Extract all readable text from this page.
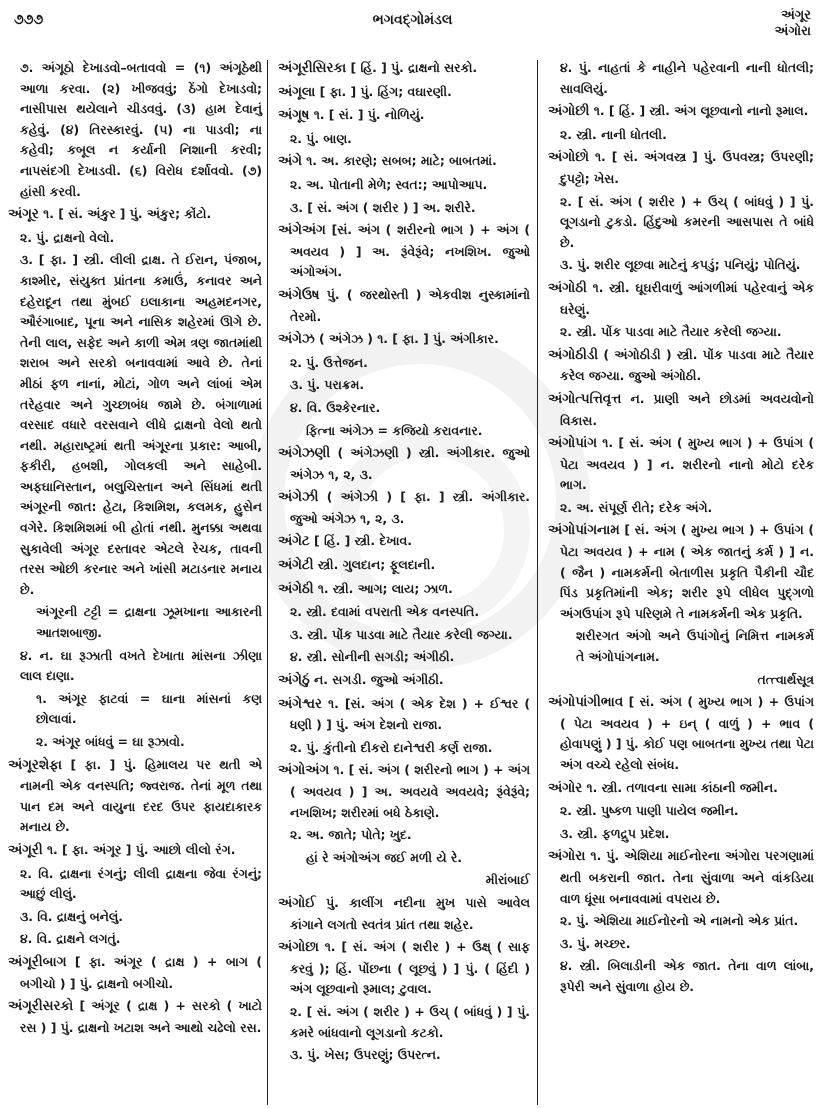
૭૭૭	ભગવદ્ગોમંડલ	અંગૂર
અંગોરા
૭. અંગૂઠો દેખાડવો–બતાવવો = (૧) અંગૂઠેથી આળા કરવા. (૨) ખીજવવું; ઠેંગો દેખાડવો; નાસીપાસ થયેલાને ચીડવવું. (૩) હામ દેવાનું કહેવું. (૪) તિરસ્કારવું. (૫) ના પાડવી; ના કહેવી; કબૂલ ન કર્યાની નિશાની કરવી; નાપસંદગી દેખાડવી. (૬) વિરોધ દર્શાવવો. (૭) હાંસી કરવી.
અંગૂર ૧. [ સં. અંકુર ] પું. અંકુર; કોંટો.
૨. પું. દ્રાક્ષનો વેલો.
૩. [ ફા. ] સ્ત્રી. લીલી દ્રાક્ષ. તે ઈરાન, પંજાબ, કાશ્મીર, સંયુક્ત પ્રાંતના કમાઉં, કનાવર અને દહેરાદૂન તથા મુંબઈ ઇલાકાના અહમદનગર, ઔરંગાબાદ, પૂના અને નાસિક શહેરમાં ઊગે છે. તેની લાલ, સફેદ અને કાળી એમ ત્રણ જાતમાંથી શરાબ અને સરકો બનાવવામાં આવે છે. તેનાં મીઠાં ફળ નાનાં, મોટાં, ગોળ અને લાંબાં એમ તરેહવાર અને ગુચ્છાબંધ જામે છે. બંગાળામાં વરસાદ વધારે વરસવાને લીધે દ્રાક્ષનો વેલો થતો નથી. મહારાષ્ટ્રમાં થતી અંગૂરના પ્રકાર: આબી, ફકીરી, હબશી, ગોલકલી અને સાહેબી. અફઘાનિસ્તાન, બલુચિસ્તાન અને સિંધમાં થતી અંગૂરની જાત: હેટા, કિશમિશ, કલમક, હુસેન વગેરે. કિશમિશમાં બી હોતાં નથી. મુનક્કા અથવા સુકાવેલી અંગૂર દસ્તાવર એટલે રેચક, તાવની તરસ ઓછી કરનાર અને ખાંસી મટાડનાર મનાય છે.
અંગૂરની ટટ્ટી = દ્રાક્ષના ઝૂમખાના આકારની આતશબાજી.
૪. ન. ઘા રૂઝાતી વખતે દેખાતા માંસના ઝીણા લાલ દાણા.
૧. અંગૂર ફાટવાં = ઘાના માંસનાં કણ છોલાવાં.
૨. અંગૂર બાંધવું = ઘા રૂઝાવો.
અંગૂરશેફા [ ફા. ] પું. હિમાલય પર થતી એ નામની એક વનસ્પતિ; જ્વરાજ. તેનાં મૂળ તથા પાન દમ અને વાયુના દરદ ઉપર ફાયદાકારક મનાય છે.
અંગૂરી ૧. [ ફા. અંગૂર ] પું. આછો લીલો રંગ.
૨. વિ. દ્રાક્ષના રંગનું; લીલી દ્રાક્ષના જેવા રંગનું; આછું લીલું.
૩. વિ. દ્રાક્ષનું બનેલું.
૪. વિ. દ્રાક્ષને લગતું.
અંગૂરીબાગ [ ફા. અંગૂર ( દ્રાક્ષ ) + બાગ ( બગીચો ) ] પું. દ્રાક્ષનો બગીચો.
અંગૂરીસરકો [ અંગૂર ( દ્રાક્ષ ) + સરકો ( ખાટો રસ ) ] પું. દ્રાક્ષનો ખટાશ અને આથો ચઢેલો રસ.
અંગૂરીસિરકા [ હિં. ] પું. દ્રાક્ષનો સરકો.
અંગૂલા [ ફા. ] પું. હિંગ; વઘારણી.
અંગૂષ ૧. [ સં. ] પું. નોળિયું.
૨. પું. બાણ.
અંગે ૧. અ. કારણે; સબબ; માટે; બાબતમાં.
૨. અ. પોતાની મેળે; સ્વત:; આપોઆપ.
૩. [ સં. અંગ ( શરીર ) ] અ. શરીરે.
અંગેઅંગ [સં. અંગ ( શરીરનો ભાગ ) + અંગ ( અવયવ ) ] અ. રૂંવેરૂંવે; નખશિખ. જુઓ અંગોઅંગ.
અંગેઉષ પું. ( જરથોસ્તી ) એકવીશ નુસ્કામાંનો તેરમો.
અંગેઝ ( અંગેઝ ) ૧. [ ફા. ] પું. અંગીકાર.
૨. પું. ઉત્તેજન.
૩. પું. પરાક્રમ.
૪. વિ. ઉશ્કેરનાર.
ફિત્ના અંગેઝ = કજિયો કરાવનાર.
અંગેઝણી ( અંગેઝણી ) સ્ત્રી. અંગીકાર. જુઓ અંગેઝ ૧, ૨, ૩.
અંગેઝી ( અંગેઝી ) [ ફા. ] સ્ત્રી. અંગીકાર. જુઓ અંગેઝ ૧, ૨, ૩.
અંગેટ [ હિં. ] સ્ત્રી. દેખાવ.
અંગેટી સ્ત્રી. ગુલદાન; ફૂલદાની.
અંગેઠી ૧. સ્ત્રી. આગ; લાય; ઝાળ.
૨. સ્ત્રી. દવામાં વપરાતી એક વનસ્પતિ.
૩. સ્ત્રી. પોંક પાડવા માટે તૈયાર કરેલી જગ્યા.
૪. સ્ત્રી. સોનીની સગડી; અંગીઠી.
અંગેઠું ન. સગડી. જુઓ અંગીઠી.
અંગેશ્વર ૧. [સં. અંગ ( એક દેશ ) + ઈશ્વર ( ધણી ) ] પું. અંગ દેશનો રાજા.
૨. પું. કુંતીનો દીકરો દાનેશ્વરી કર્ણ રાજા.
અંગોઅંગ ૧. [ સં. અંગ ( શરીરનો ભાગ ) + અંગ ( અવયવ ) ] અ. અવયવે અવયવે; રૂંવેરૂંવે; નખશિખ; શરીરમાં બધે ઠેકાણે.
૨. અ. જાતે; પોતે; ખુદ.
હાં રે અંગોઅંગ જઈ મળી યે રે.
મીરાંબાઈ
અંગોઈ પું. કાલીંગ નદીના મુખ પાસે આવેલ કાંગાને લગતો સ્વતંત્ર પ્રાંત તથા શહેર.
અંગોછા ૧. [ સં. અંગ ( શરીર ) + ઉક્ષ્ ( સાફ કરવું ); હિં. પોંછના ( લૂછવું ) ] પું. ( હિંદી ) અંગ લૂછવાનો રૂમાલ; ટુવાલ.
૨. [ સં. અંગ ( શરીર ) + ઉચ્ ( બાંધવું ) ] પું. કમરે બાંધવાનો લૂગડાનો કટકો.
૩. પું. ખેસ; ઉપરણું; ઉપરત્ન.
૪. પું. નાહતાં કે નાહીને પહેરવાની નાની ધોતલી; સાવલિયું.
અંગોછી ૧. [ હિં. ] સ્ત્રી. અંગ લૂછવાનો નાનો રૂમાલ.
૨. સ્ત્રી. નાની ધોતલી.
અંગોછો ૧. [ સં. અંગવસ્ત્ર ] પું. ઉપવસ્ત્ર; ઉપરણી; દુપટ્ટો; ખેસ.
૨. [ સં. અંગ ( શરીર ) + ઉચ્ ( બાંધવું ) ] પું. લૂગડાનો ટુકડો. હિંદુઓ કમરની આસપાસ તે બાંધે છે.
૩. પું. શરીર લૂછવા માટેનું કપડું; પનિયું; પોતિયું.
અંગોઠી ૧. સ્ત્રી. ઘૂઘરીવાળું આંગળીમાં પહેરવાનું એક ઘરેણું.
૨. સ્ત્રી. પોંક પાડવા માટે તૈયાર કરેલી જગ્યા.
અંગોઠીડી ( અંગોઠીડી ) સ્ત્રી. પોંક પાડવા માટે તૈયાર કરેલ જગ્યા. જુઓ અંગોઠી.
અંગોત્પત્તિવૃત્ત ન. પ્રાણી અને છોડમાં અવયવોનો વિકાસ.
અંગોપાંગ ૧. [ સં. અંગ ( મુખ્ય ભાગ ) + ઉપાંગ ( પેટા અવયવ ) ] ન. શરીરનો નાનો મોટો દરેક ભાગ.
૨. અ. સંપૂર્ણ રીતે; દરેક અંગે.
અંગોપાંગનામ [ સં. અંગ ( મુખ્ય ભાગ ) + ઉપાંગ ( પેટા અવયવ ) + નામ ( એક જાતનું કર્મ ) ] ન. ( જૈન ) નામકર્મની બેતાળીસ પ્રકૃતિ પૈકીની ચૌદ પિંડ પ્રકૃતિમાંની એક; શરીર રૂપે લીધેલ પુદ્ગળો અંગઉપાંગ રૂપે પરિણમે તે નામકર્મની એક પ્રકૃતિ.
શરીરગત અંગો અને ઉપાંગોનું નિમિત્ત નામકર્મ તે અંગોપાંગનામ.
તત્ત્વાર્થસૂત્ર
અંગોપાંગીભાવ [ સં. અંગ ( મુખ્ય ભાગ ) + ઉપાંગ ( પેટા અવયવ ) + ઇન્ ( વાળું ) + ભાવ ( હોવાપણું ) ] પું. કોઈ પણ બાબતના મુખ્ય તથા પેટા અંગ વચ્ચે રહેલો સંબંધ.
અંગોર ૧. સ્ત્રી. તળાવના સામા કાંઠાની જમીન.
૨. સ્ત્રી. પુષ્કળ પાણી પાયેલ જમીન.
૩. સ્ત્રી. ફળદ્રુપ પ્રદેશ.
અંગોરા ૧. પું. એશિયા માઈનોરના અંગોરા પરગણામાં થતી બકરાની જાત. તેના સુંવાળા અને વાંકડિયા વાળ ધૂંસા બનાવવામાં વપરાય છે.
૨. પું. એશિયા માઈનોરનો એ નામનો એક પ્રાંત.
૩. પું. મચ્છર.
૪. સ્ત્રી. બિલાડીની એક જાત. તેના વાળ લાંબા, રૂપેરી અને સુંવાળા હોય છે.
